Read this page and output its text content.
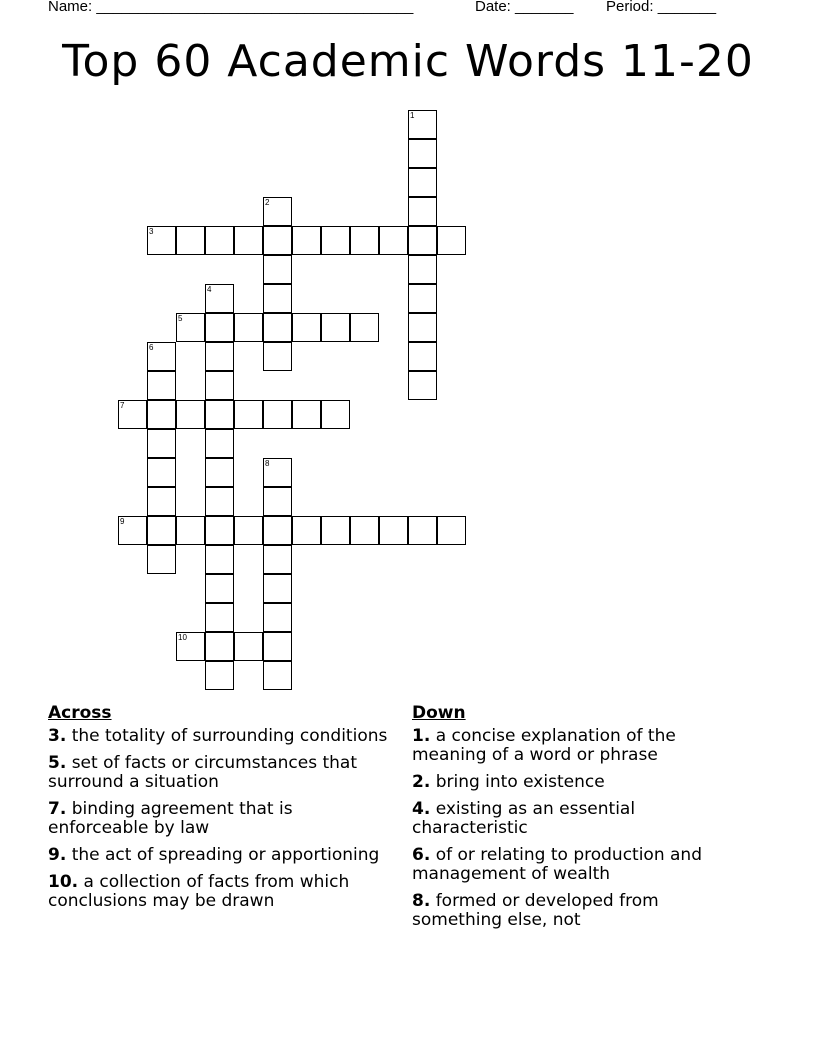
Name: ______________________________________	Date: _______ Period: _______
Top 60 Academic Words 11-20
1
2
3
4
5
6
7
8
9
10
Across
3. the totality of surrounding conditions
5. set of facts or circumstances that surround a situation
7. binding agreement that is enforceable by law
9. the act of spreading or apportioning
10. a collection of facts from which conclusions may be drawn
Down
1. a concise explanation of the meaning of a word or phrase
2. bring into existence
4. existing as an essential characteristic
6. of or relating to production and management of wealth
8. formed or developed from something else, not
